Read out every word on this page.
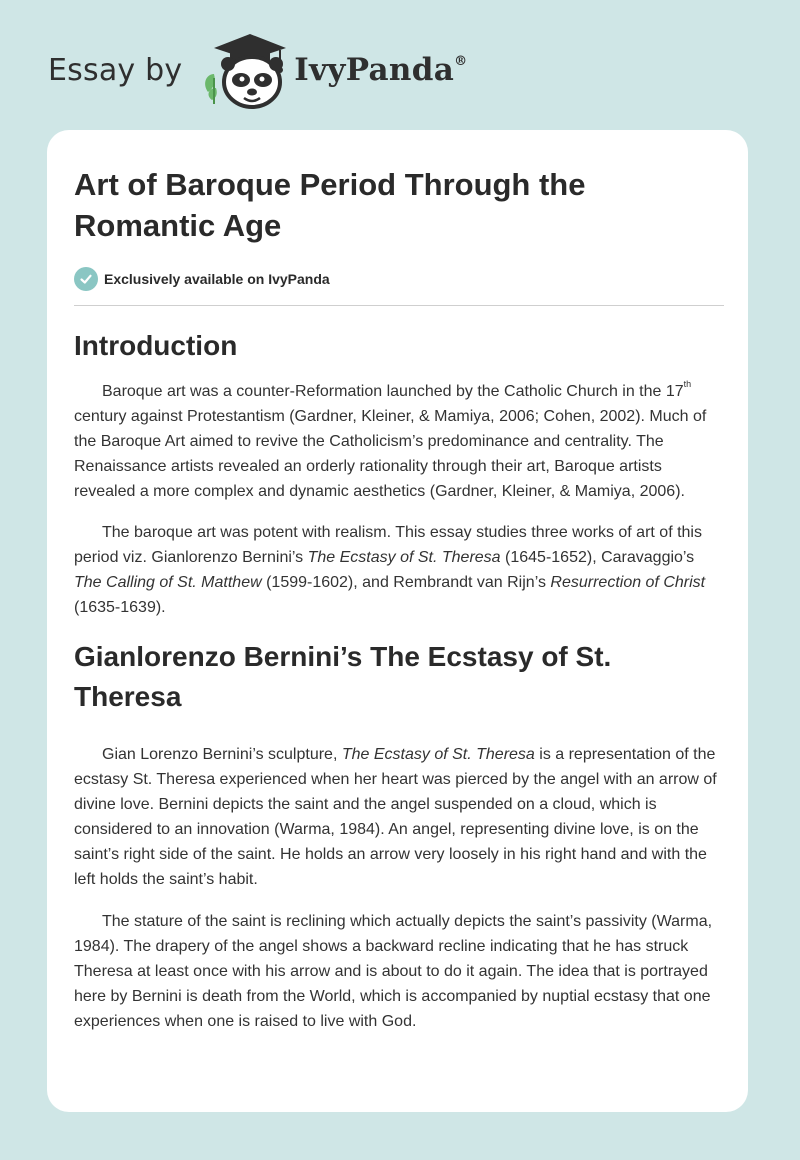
Essay by	IvyPanda®
Art of Baroque Period Through the Romantic Age
Exclusively available on IvyPanda
Introduction

Baroque art was a counter-Reformation launched by the Catholic Church in the 17th century against Protestantism (Gardner, Kleiner, & Mamiya, 2006; Cohen, 2002). Much of the Baroque Art aimed to revive the Catholicism’s predominance and centrality. The Renaissance artists revealed an orderly rationality through their art, Baroque artists revealed a more complex and dynamic aesthetics (Gardner, Kleiner, & Mamiya, 2006).

The baroque art was potent with realism. This essay studies three works of art of this period viz. Gianlorenzo Bernini’s The Ecstasy of St. Theresa (1645-1652), Caravaggio’s The Calling of St. Matthew (1599-1602), and Rembrandt van Rijn’s Resurrection of Christ (1635-1639).

Gianlorenzo Bernini’s The Ecstasy of St. Theresa

Gian Lorenzo Bernini’s sculpture, The Ecstasy of St. Theresa is a representation of the ecstasy St. Theresa experienced when her heart was pierced by the angel with an arrow of divine love. Bernini depicts the saint and the angel suspended on a cloud, which is considered to an innovation (Warma, 1984). An angel, representing divine love, is on the saint’s right side of the saint. He holds an arrow very loosely in his right hand and with the left holds the saint’s habit.

The stature of the saint is reclining which actually depicts the saint’s passivity (Warma, 1984). The drapery of the angel shows a backward recline indicating that he has struck Theresa at least once with his arrow and is about to do it again. The idea that is portrayed here by Bernini is death from the World, which is accompanied by nuptial ecstasy that one experiences when one is raised to live with God.
